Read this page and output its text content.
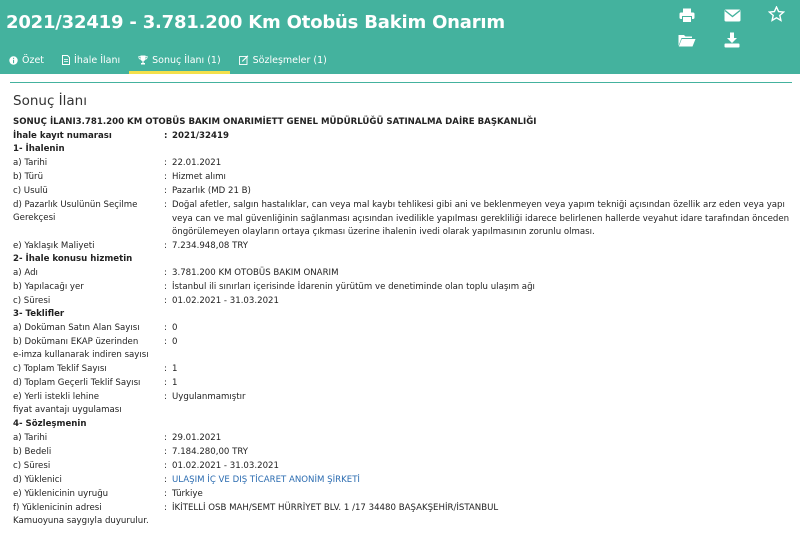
2021/32419 - 3.781.200 Km Otobüs Bakim Onarım
Özet	İhale İlanı	Sonuç İlanı (1)	Sözleşmeler (1)
Sonuç İlanı
SONUÇ İLANI3.781.200 KM OTOBÜS BAKIM ONARIMİETT GENEL MÜDÜRLÜĞÜ SATINALMA DAİRE BAŞKANLIĞI
İhale kayıt numarası	: 2021/32419
1- İhalenin
a) Tarihi	: 22.01.2021
b) Türü	: Hizmet alımı
c) Usulü	: Pazarlık (MD 21 B)
d) Pazarlık Usulünün Seçilme
Gerekçesi
: Doğal afetler, salgın hastalıklar, can veya mal kaybı tehlikesi gibi ani ve beklenmeyen veya yapım tekniği açısından özellik arz eden veya yapı veya can ve mal güvenliğinin sağlanması açısından ivedilikle yapılması gerekliliği idarece belirlenen hallerde veyahut idare tarafından önceden öngörülemeyen olayların ortaya çıkması üzerine ihalenin ivedi olarak yapılmasının zorunlu olması.
e) Yaklaşık Maliyeti	: 7.234.948,08 TRY
2- İhale konusu hizmetin
a) Adı	: 3.781.200 KM OTOBÜS BAKIM ONARIM
b) Yapılacağı yer	: İstanbul ili sınırları içerisinde İdarenin yürütüm ve denetiminde olan toplu ulaşım ağı
c) Süresi	: 01.02.2021 - 31.03.2021
3- Teklifler
a) Doküman Satın Alan Sayısı	: 0
b) Dokümanı EKAP üzerinden
e-imza kullanarak indiren sayısı
: 0
c) Toplam Teklif Sayısı	: 1
d) Toplam Geçerli Teklif Sayısı	: 1
e) Yerli istekli lehine
fiyat avantajı uygulaması
: Uygulanmamıştır
4- Sözleşmenin
a) Tarihi	: 29.01.2021
b) Bedeli	: 7.184.280,00 TRY
c) Süresi	: 01.02.2021 - 31.03.2021
d) Yüklenici	: ULAŞIM İÇ VE DIŞ TİCARET ANONİM ŞİRKETİ
e) Yüklenicinin uyruğu	: Türkiye
f) Yüklenicinin adresi	: İKİTELLİ OSB MAH/SEMT HÜRRİYET BLV. 1 /17 34480 BAŞAKŞEHİR/İSTANBUL
Kamuoyuna saygıyla duyurulur.
